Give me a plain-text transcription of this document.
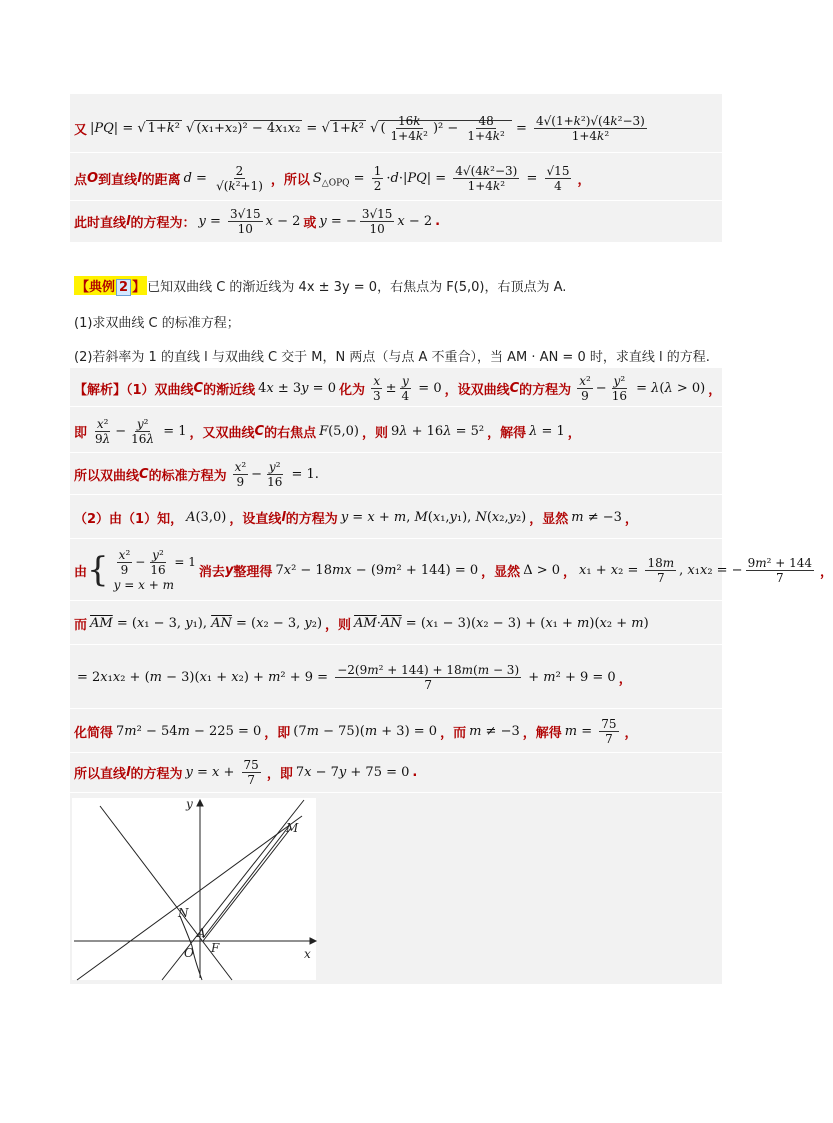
又 |PQ| = √ 1+k² √ (x₁+x₂)² − 4x₁x₂ = √ 1+k² √ ( $\frac{16k}{\text{1+4k²}} )^2 - \frac{48}{\text{1+4k²}} = \frac{\text{4√(1+k²)√(4k²−3)}}{\text{1+4k²}}$
点 O 到直线 l 的距离 $d = \frac{2}{\text{√(k²+1)}}$ ，所以 $S_{\triangle OPQ} = \frac{1}{2} \cdot d\cdot|PQ| = \frac{\text{4√(4k²−3)}}{\text{1+4k²}} = \frac{√15}{4}$ ，
此时直线 l 的方程为： $y = \frac{3√15}{10}$ x − 2 或 y = − $\frac{3√15}{10}$ x − 2 .
【典例 2 】 已知双曲线 C 的渐近线为 4x ± 3y = 0，右焦点为 F(5,0)，右顶点为 A.
(1)求双曲线 C 的标准方程；
(2)若斜率为 1 的直线 l 与双曲线 C 交于 M，N 两点（与点 A 不重合），当 AM · AN = 0 时，求直线 l 的方程.
【解析】（1）双曲线 C 的渐近线 4x ± 3y = 0 化为 $\frac{x}{3} \pm \frac{y}{4} = 0$ ，设双曲线 C 的方程为 $\frac{\text{x²}}{9} - \frac{\text{y²}}{16} = \lambda(\lambda > 0)$ ，
即 $\frac{\text{x²}}{9\lambda} - \frac{\text{y²}}{16\lambda} = 1$ ，又双曲线 C 的右焦点 F(5,0) ，则 9λ + 16λ = 5² ，解得 λ = 1 ，
所以双曲线 C 的标准方程为 $\frac{\text{x²}}{9} - \frac{\text{y²}}{16} = 1$.
（2）由（1）知， A(3,0) ，设直线 l 的方程为 y = x + m, M(x₁,y₁), N(x₂,y₂) ，显然 m ≠ −3 ，
由 { $\frac{\text{x²}}{9} - \frac{\text{y²}}{16} = 1$
y = x + m
消去 y 整理得 7x² − 18mx − (9m² + 144) = 0 ，显然 Δ > 0 ， $x_1 + x_2 = \frac{18m}{7}$ , x₁x₂ = − $\frac{\text{9m² + 144}}{7}$ ，
而 $\overline{AM} = (x_1 - 3$, y₁), $\overline{AN} = (x_2 - 3$, y₂) ，则 $\overline{AM}\cdot\overline{AN} = (x_1 - 3)(x_2 - 3) + (x_1 + m)(x_2 + m)$
= $2x_1x_2 + (m - 3)(x_1 + x_2) + m^2 + 9 = \frac{\text{−2(9m² + 144) + 18m(m − 3)}}{7} + m^2 + 9 = 0$ ，
化简得 7m² − 54m − 225 = 0 ，即 (7m − 75)(m + 3) = 0 ，而 m ≠ −3 ，解得 $m = \frac{75}{7}$ ，
所以直线 l 的方程为 $y = x + \frac{75}{7}$ ，即 7x − 7y + 75 = 0 .
y
x
M
N
A
F
O
